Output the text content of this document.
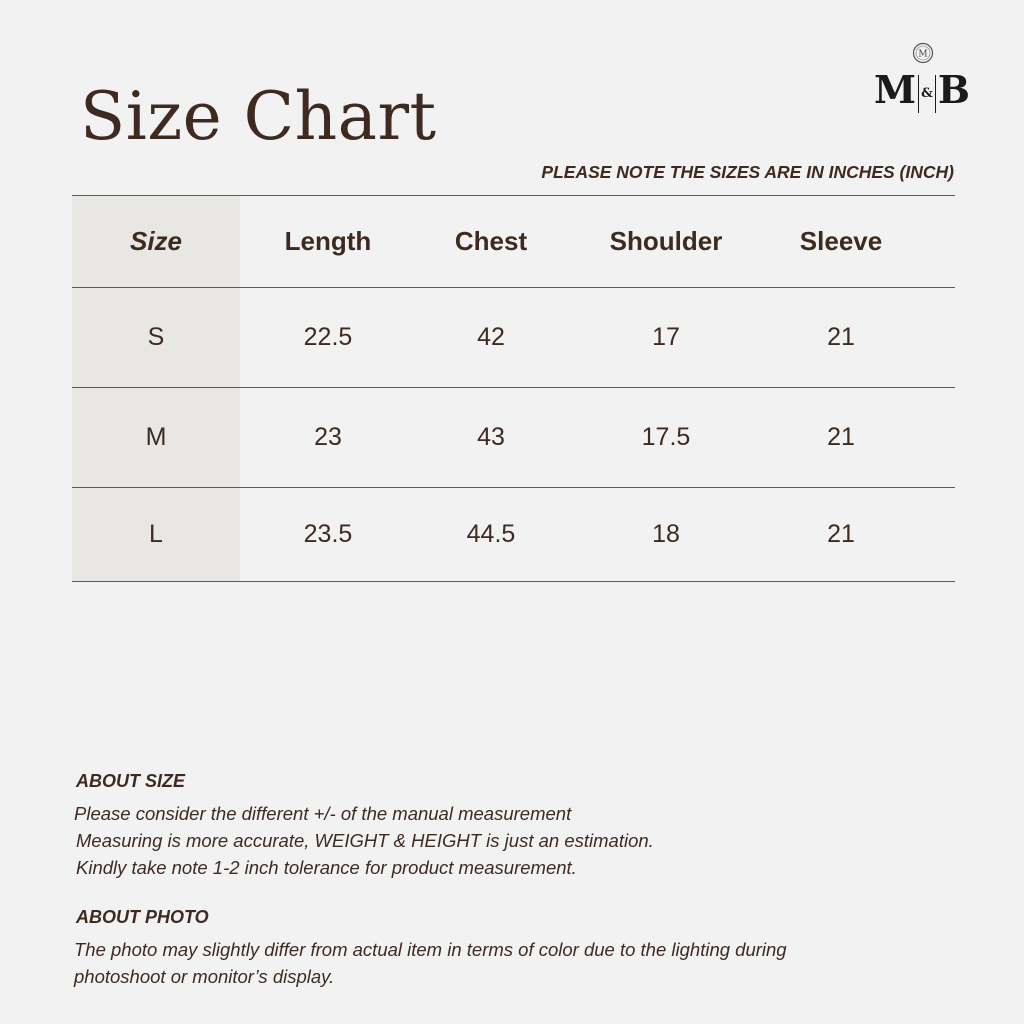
Size Chart
M
M & B
PLEASE NOTE THE SIZES ARE IN INCHES (INCH)
Size	Length	Chest	Shoulder	Sleeve
S	22.5	42	17	21
M	23	43	17.5	21
L	23.5	44.5	18	21
ABOUT SIZE

Please consider the different +/- of the manual measurement

Measuring is more accurate, WEIGHT & HEIGHT is just an estimation.

Kindly take note 1-2 inch tolerance for product measurement.

ABOUT PHOTO

The photo may slightly differ from actual item in terms of color due to the lighting during

photoshoot or monitor’s display.
